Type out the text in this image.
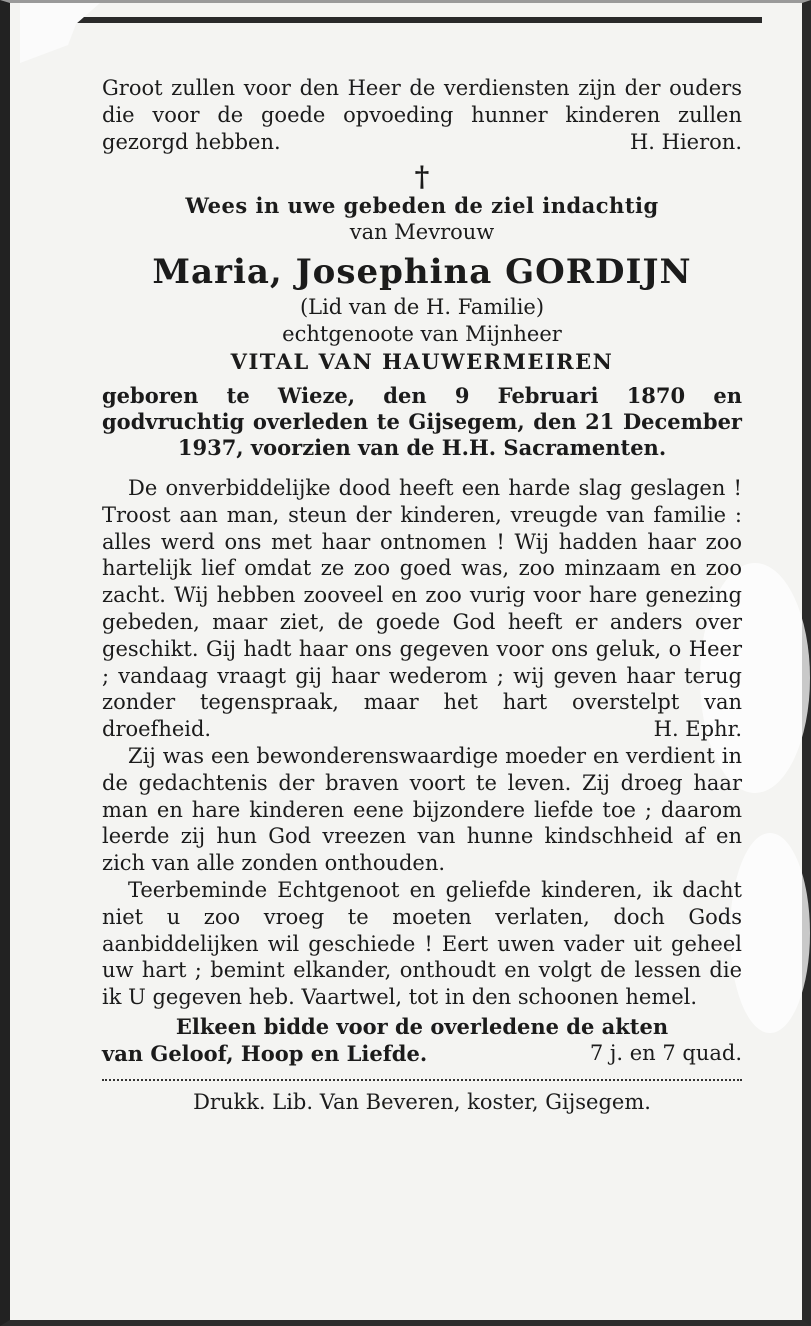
Groot zullen voor den Heer de verdiensten zijn der ouders die voor de goede opvoeding hunner kinderen zullen gezorgd hebben.	H. Hieron.
†
Wees in uwe gebeden de ziel indachtig
van Mevrouw
Maria, Josephina GORDIJN
(Lid van de H. Familie)
echtgenoote van Mijnheer
VITAL VAN HAUWERMEIREN
geboren te Wieze, den 9 Februari 1870 en godvruchtig overleden te Gijsegem, den 21 December 1937, voorzien van de H.H. Sacramenten.

De onverbiddelijke dood heeft een harde slag geslagen ! Troost aan man, steun der kinderen, vreugde van familie : alles werd ons met haar ontnomen ! Wij hadden haar zoo hartelijk lief omdat ze zoo goed was, zoo minzaam en zoo zacht. Wij hebben zooveel en zoo vurig voor hare genezing gebeden, maar ziet, de goede God heeft er anders over geschikt. Gij hadt haar ons gegeven voor ons geluk, o Heer ; vandaag vraagt gij haar wederom ; wij geven haar terug zonder tegenspraak, maar het hart overstelpt van droefheid.	H. Ephr.

Zij was een bewonderenswaardige moeder en verdient in de gedachtenis der braven voort te leven. Zij droeg haar man en hare kinderen eene bijzondere liefde toe ; daarom leerde zij hun God vreezen van hunne kindschheid af en zich van alle zonden onthouden.

Teerbeminde Echtgenoot en geliefde kinderen, ik dacht niet u zoo vroeg te moeten verlaten, doch Gods aanbiddelijken wil geschiede ! Eert uwen vader uit geheel uw hart ; bemint elkander, onthoudt en volgt de lessen die ik U gegeven heb. Vaartwel, tot in den schoonen hemel.

Elkeen bidde voor de overledene de akten
van Geloof, Hoop en Liefde.	7 j. en 7 quad.
Drukk. Lib. Van Beveren, koster, Gijsegem.
